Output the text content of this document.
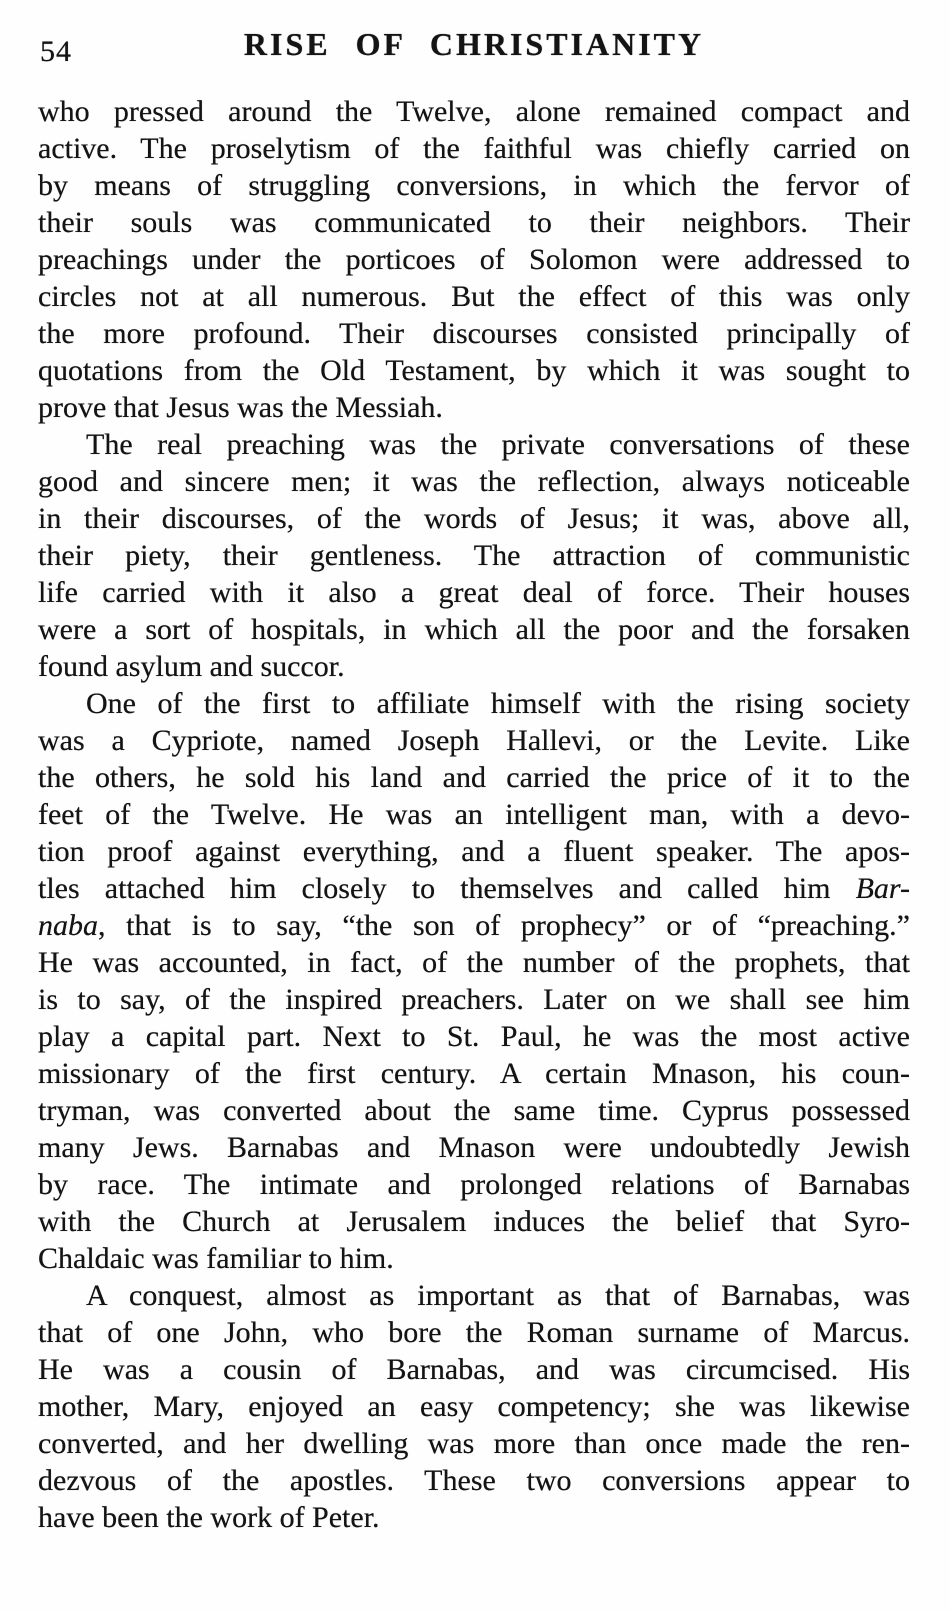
54	RISE OF CHRISTIANITY
who pressed around the Twelve, alone remained compact and
active. The proselytism of the faithful was chiefly carried on
by means of struggling conversions, in which the fervor of
their souls was communicated to their neighbors. Their
preachings under the porticoes of Solomon were addressed to
circles not at all numerous. But the effect of this was only
the more profound. Their discourses consisted principally of
quotations from the Old Testament, by which it was sought to
prove that Jesus was the Messiah.
The real preaching was the private conversations of these
good and sincere men; it was the reflection, always noticeable
in their discourses, of the words of Jesus; it was, above all,
their piety, their gentleness. The attraction of communistic
life carried with it also a great deal of force. Their houses
were a sort of hospitals, in which all the poor and the forsaken
found asylum and succor.
One of the first to affiliate himself with the rising society
was a Cypriote, named Joseph Hallevi, or the Levite. Like
the others, he sold his land and carried the price of it to the
feet of the Twelve. He was an intelligent man, with a devo-
tion proof against everything, and a fluent speaker. The apos-
tles attached him closely to themselves and called him Bar-
naba, that is to say, “the son of prophecy” or of “preaching.”
He was accounted, in fact, of the number of the prophets, that
is to say, of the inspired preachers. Later on we shall see him
play a capital part. Next to St. Paul, he was the most active
missionary of the first century. A certain Mnason, his coun-
tryman, was converted about the same time. Cyprus possessed
many Jews. Barnabas and Mnason were undoubtedly Jewish
by race. The intimate and prolonged relations of Barnabas
with the Church at Jerusalem induces the belief that Syro-
Chaldaic was familiar to him.
A conquest, almost as important as that of Barnabas, was
that of one John, who bore the Roman surname of Marcus.
He was a cousin of Barnabas, and was circumcised. His
mother, Mary, enjoyed an easy competency; she was likewise
converted, and her dwelling was more than once made the ren-
dezvous of the apostles. These two conversions appear to
have been the work of Peter.
